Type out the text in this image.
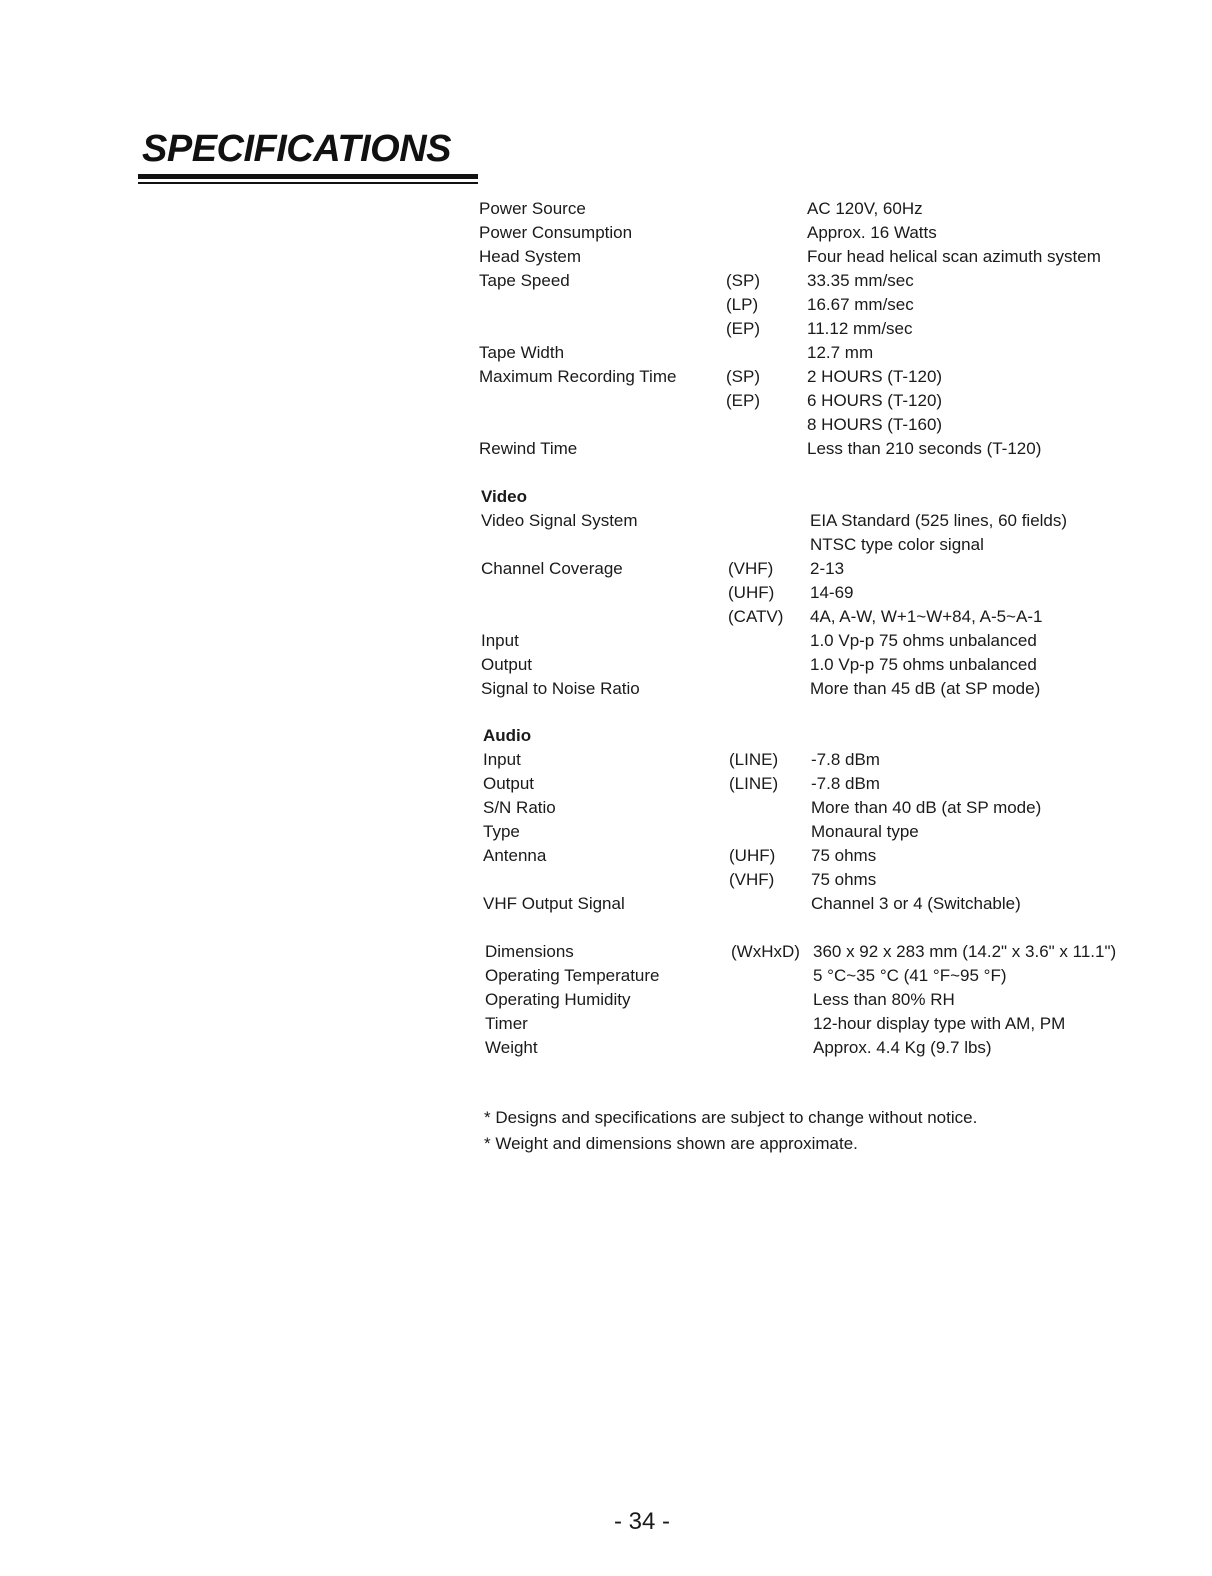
SPECIFICATIONS
Power Source	AC 120V, 60Hz
Power Consumption	Approx. 16 Watts
Head System	Four head helical scan azimuth system
Tape Speed	(SP)	33.35 mm/sec
(LP)	16.67 mm/sec
(EP)	11.12 mm/sec
Tape Width	12.7 mm
Maximum Recording Time	(SP)	2 HOURS (T-120)
(EP)	6 HOURS (T-120)
8 HOURS (T-160)
Rewind Time	Less than 210 seconds (T-120)
Video
Video Signal System	EIA Standard (525 lines, 60 fields)
NTSC type color signal
Channel Coverage	(VHF) 2-13
(UHF) 14-69
(CATV) 4A, A-W, W+1~W+84, A-5~A-1
Input	1.0 Vp-p 75 ohms unbalanced
Output	1.0 Vp-p 75 ohms unbalanced
Signal to Noise Ratio	More than 45 dB (at SP mode)
Audio
Input	(LINE) -7.8 dBm
Output	(LINE) -7.8 dBm
S/N Ratio	More than 40 dB (at SP mode)
Type	Monaural type
Antenna	(UHF) 75 ohms
(VHF) 75 ohms
VHF Output Signal	Channel 3 or 4 (Switchable)
Dimensions	(WxHxD) 360 x 92 x 283 mm (14.2" x 3.6" x 11.1")
Operating Temperature	5 °C~35 °C (41 °F~95 °F)
Operating Humidity	Less than 80% RH
Timer	12-hour display type with AM, PM
Weight	Approx. 4.4 Kg (9.7 lbs)
* Designs and specifications are subject to change without notice.
* Weight and dimensions shown are approximate.
- 34 -
